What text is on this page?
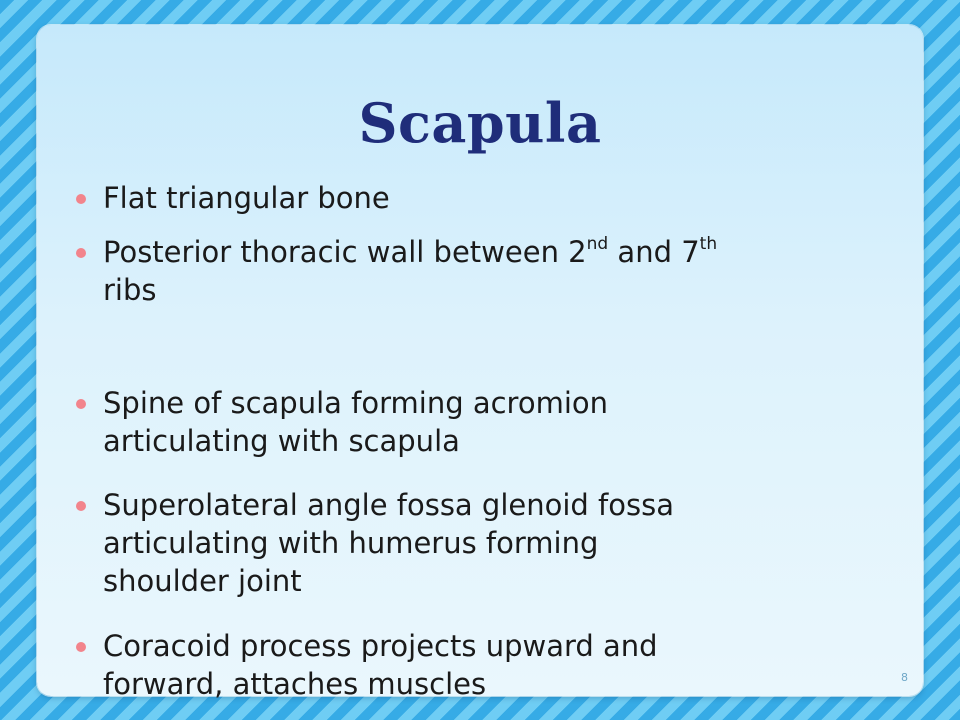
Scapula
Flat triangular bone
Posterior thoracic wall between 2nd and 7th
ribs
Spine of scapula forming acromion
articulating with scapula
Superolateral angle fossa glenoid fossa
articulating with humerus forming
shoulder joint
Coracoid process projects upward and
forward, attaches muscles	8
